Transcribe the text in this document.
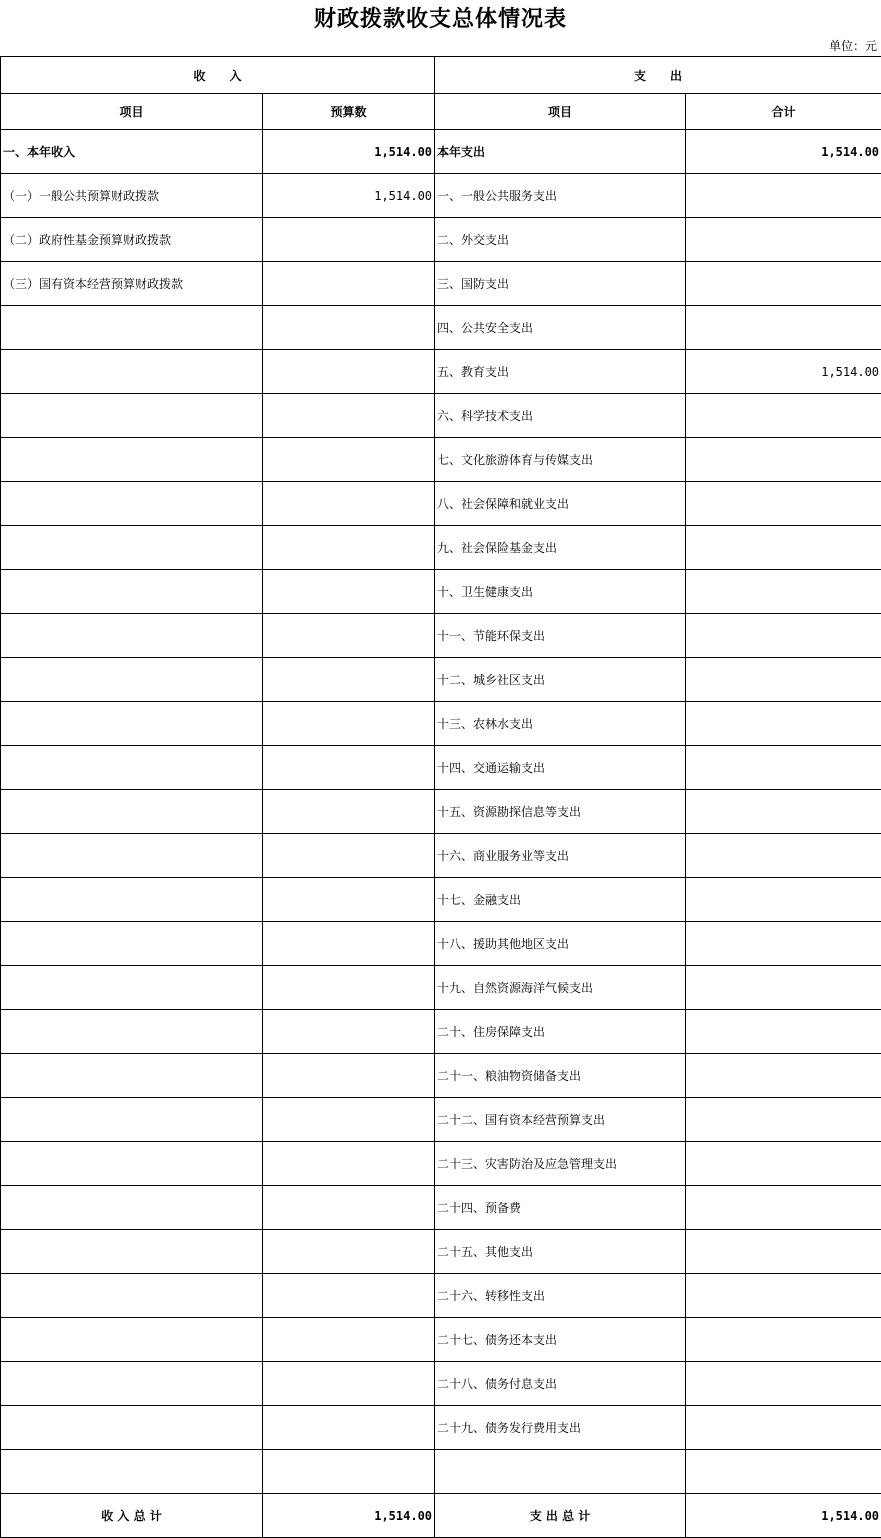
财政拨款收支总体情况表
单位：元
收　　入		支　　出	
项目	预算数	项目	合计
一、本年收入	1,514.00	本年支出	1,514.00
（一）一般公共预算财政拨款	1,514.00	一、一般公共服务支出	
（二）政府性基金预算财政拨款		二、外交支出	
（三）国有资本经营预算财政拨款		三、国防支出	
		四、公共安全支出	
		五、教育支出	1,514.00
		六、科学技术支出	
		七、文化旅游体育与传媒支出	
		八、社会保障和就业支出	
		九、社会保险基金支出	
		十、卫生健康支出	
		十一、节能环保支出	
		十二、城乡社区支出	
		十三、农林水支出	
		十四、交通运输支出	
		十五、资源勘探信息等支出	
		十六、商业服务业等支出	
		十七、金融支出	
		十八、援助其他地区支出	
		十九、自然资源海洋气候支出	
		二十、住房保障支出	
		二十一、粮油物资储备支出	
		二十二、国有资本经营预算支出	
		二十三、灾害防治及应急管理支出	
		二十四、预备费	
		二十五、其他支出	
		二十六、转移性支出	
		二十七、债务还本支出	
		二十八、债务付息支出	
		二十九、债务发行费用支出	

收 入 总 计	1,514.00	支 出 总 计	1,514.00
